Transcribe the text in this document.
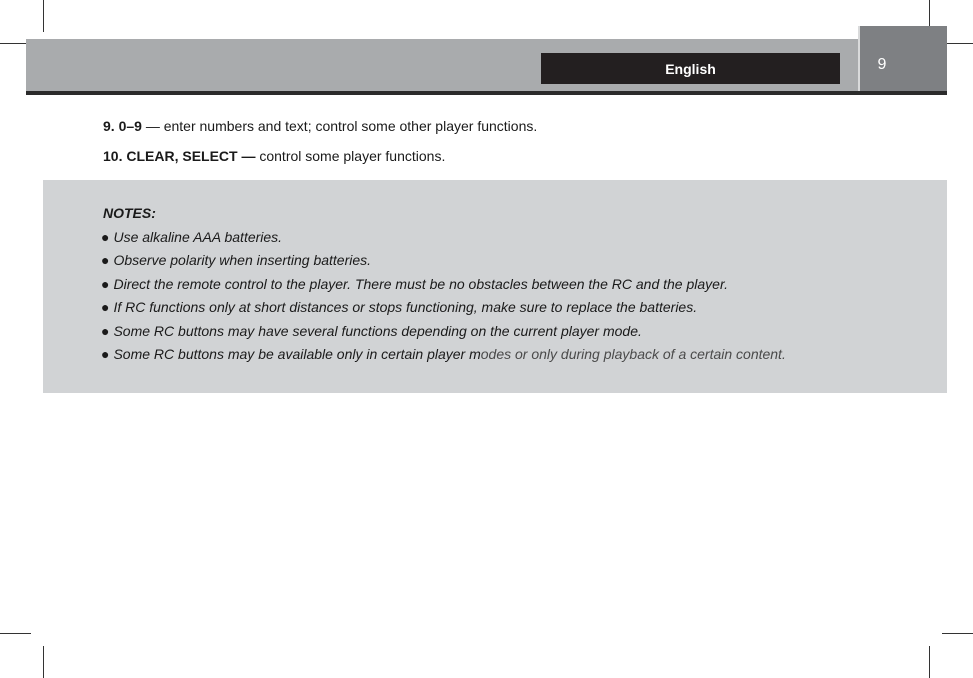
English	9
9. 0–9 — enter numbers and text; control some other player functions.
10. CLEAR, SELECT — control some player functions.
NOTES:
● Use alkaline AAA batteries.
● Observe polarity when inserting batteries.
● Direct the remote control to the player. There must be no obstacles between the RC and the player.
● If RC functions only at short distances or stops functioning, make sure to replace the batteries.
● Some RC buttons may have several functions depending on the current player mode.
● Some RC buttons may be available only in certain player modes or only during playback of a certain content.
